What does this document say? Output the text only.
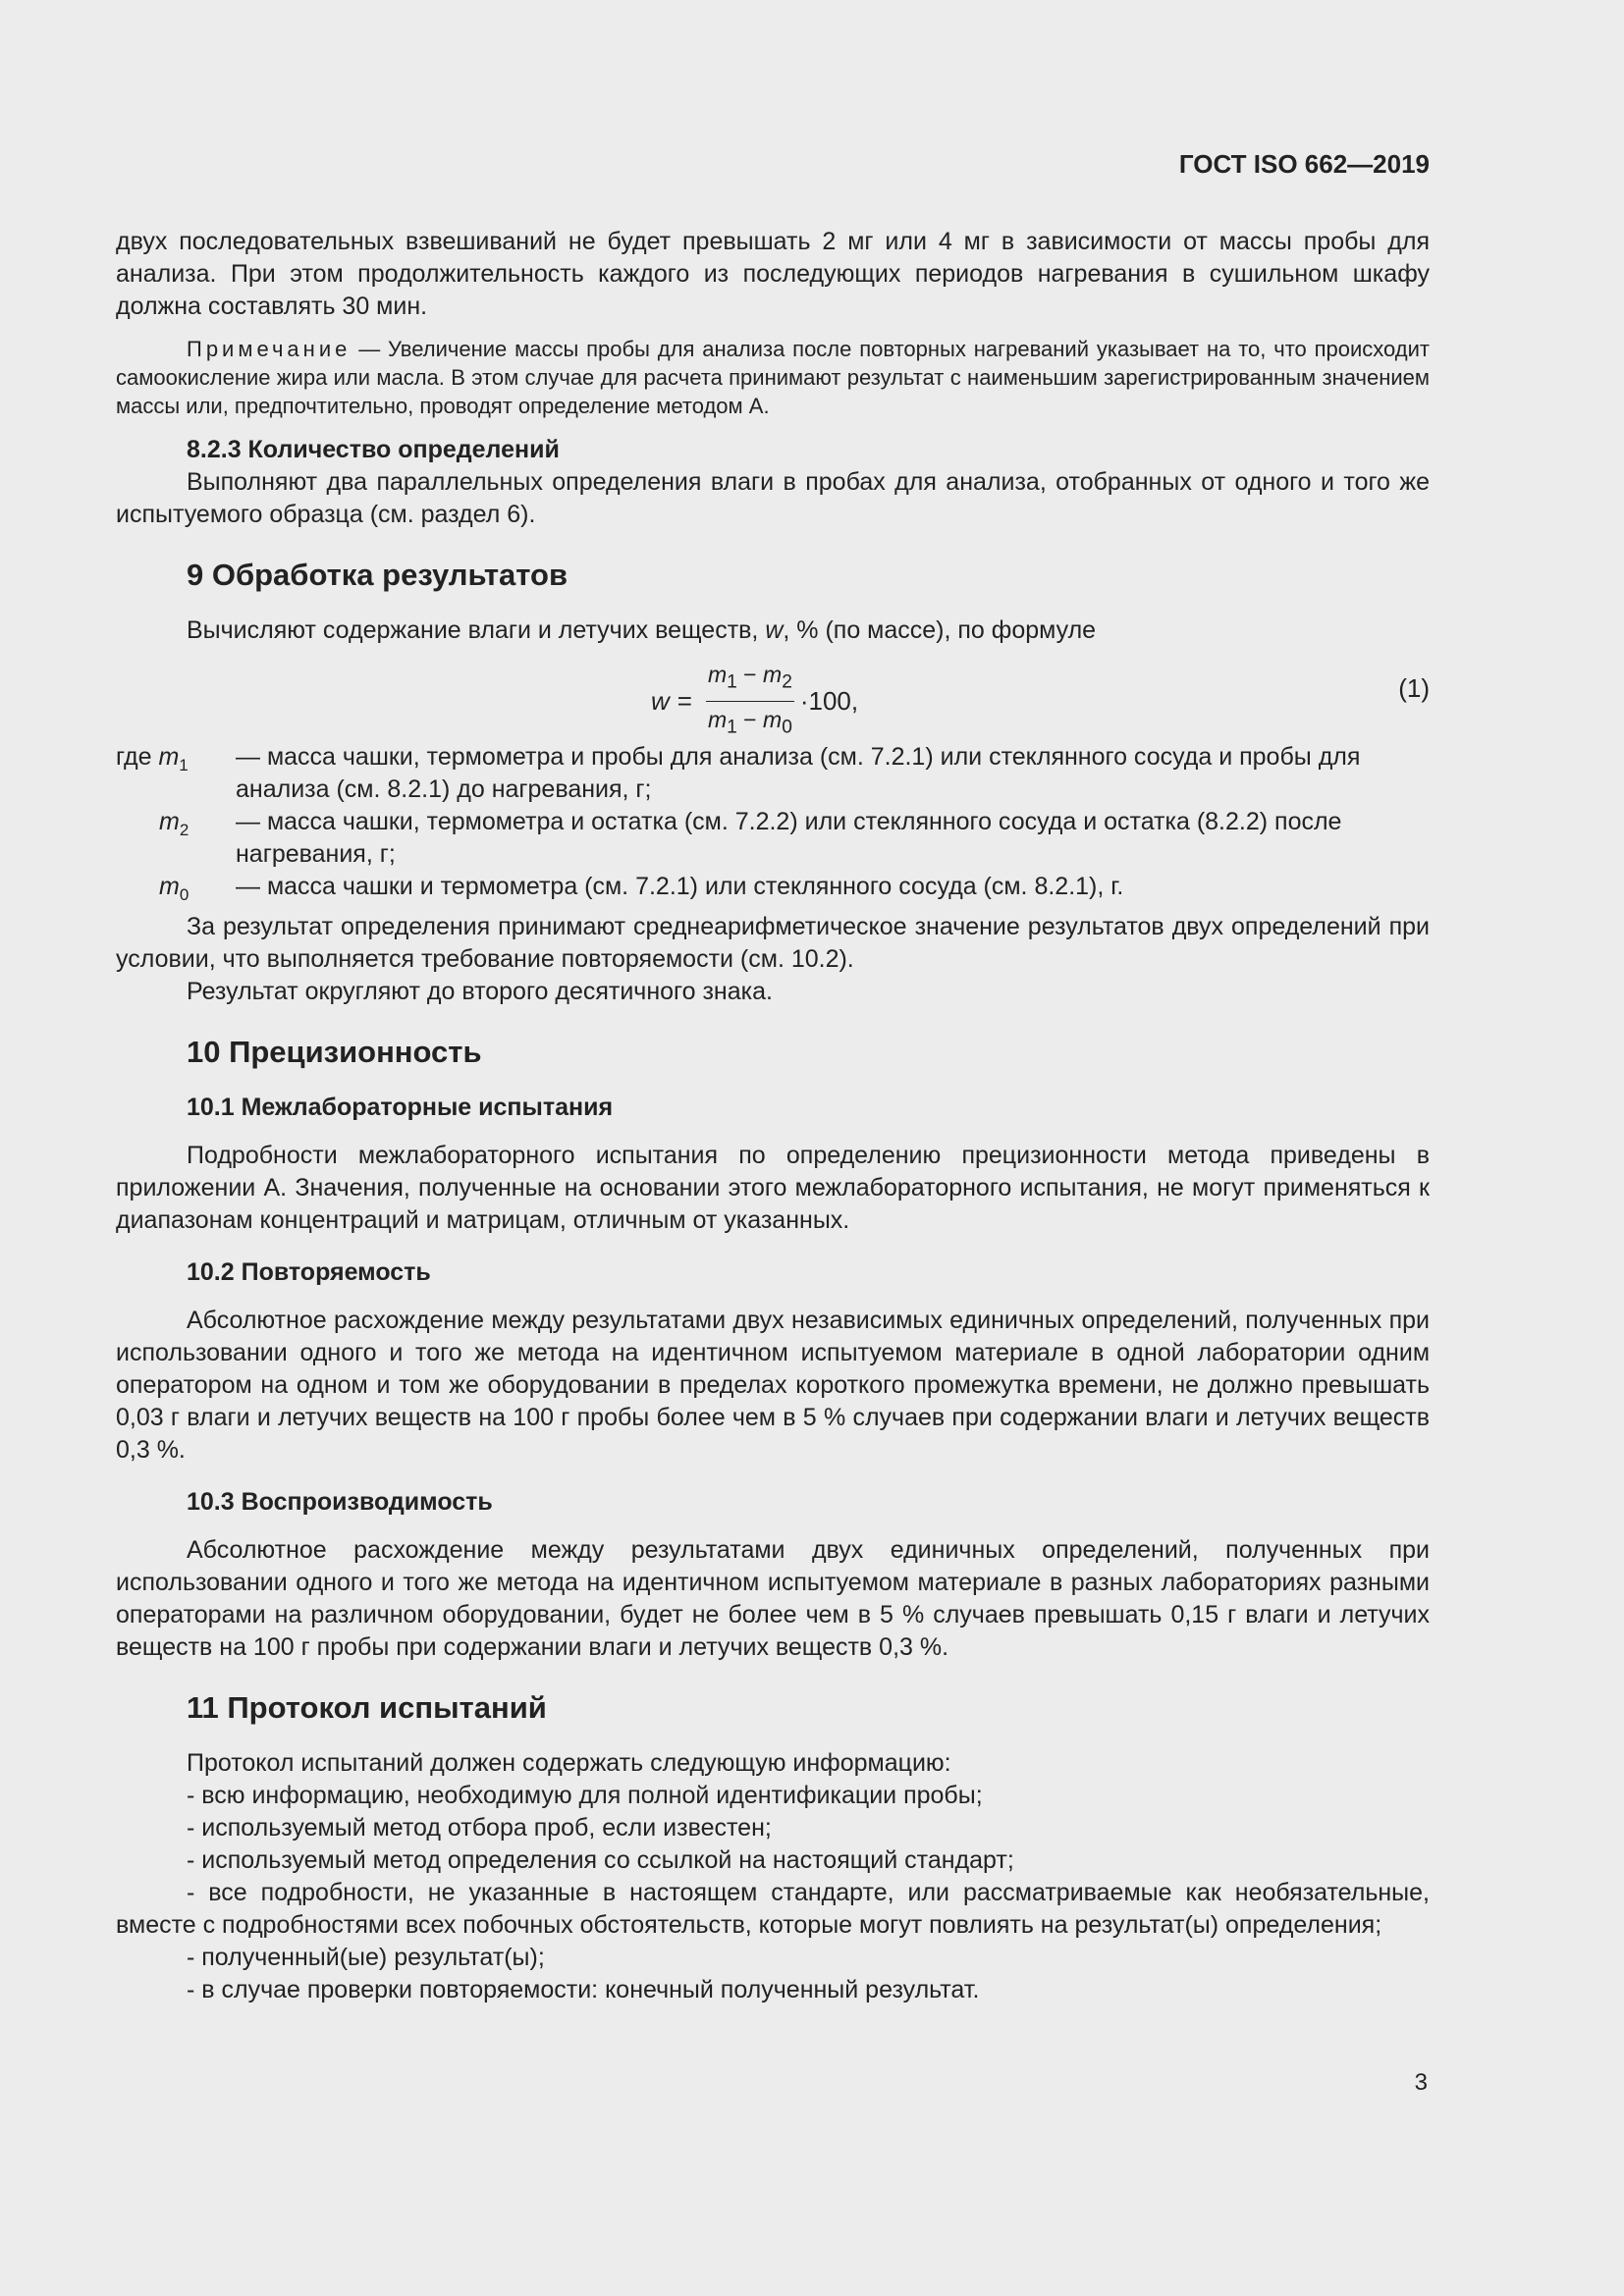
ГОСТ ISO 662—2019

двух последовательных взвешиваний не будет превышать 2 мг или 4 мг в зависимости от массы пробы для анализа. При этом продолжительность каждого из последующих периодов нагревания в сушильном шкафу должна составлять 30 мин.

Примечание — Увеличение массы пробы для анализа после повторных нагреваний указывает на то, что происходит самоокисление жира или масла. В этом случае для расчета принимают результат с наименьшим зарегистрированным значением массы или, предпочтительно, проводят определение методом А.

8.2.3 Количество определений

Выполняют два параллельных определения влаги в пробах для анализа, отобранных от одного и того же испытуемого образца (см. раздел 6).

9 Обработка результатов

Вычисляют содержание влаги и летучих веществ, w, % (по массе), по формуле

$w = \frac{m_1 - m_2}{m_1 - m_0} \cdot 100$,	(1)
где $m_1$	— масса чашки, термометра и пробы для анализа (см. 7.2.1) или стеклянного сосуда и пробы для анализа (см. 8.2.1) до нагревания, г;
$m_2$	— масса чашки, термометра и остатка (см. 7.2.2) или стеклянного сосуда и остатка (8.2.2) после нагревания, г;
$m_0$	— масса чашки и термометра (см. 7.2.1) или стеклянного сосуда (см. 8.2.1), г.

За результат определения принимают среднеарифметическое значение результатов двух определений при условии, что выполняется требование повторяемости (см. 10.2).

Результат округляют до второго десятичного знака.

10 Прецизионность
10.1 Межлабораторные испытания

Подробности межлабораторного испытания по определению прецизионности метода приведены в приложении А. Значения, полученные на основании этого межлабораторного испытания, не могут применяться к диапазонам концентраций и матрицам, отличным от указанных.

10.2 Повторяемость

Абсолютное расхождение между результатами двух независимых единичных определений, полученных при использовании одного и того же метода на идентичном испытуемом материале в одной лаборатории одним оператором на одном и том же оборудовании в пределах короткого промежутка времени, не должно превышать 0,03 г влаги и летучих веществ на 100 г пробы более чем в 5 % случаев при содержании влаги и летучих веществ 0,3 %.

10.3 Воспроизводимость

Абсолютное расхождение между результатами двух единичных определений, полученных при использовании одного и того же метода на идентичном испытуемом материале в разных лабораториях разными операторами на различном оборудовании, будет не более чем в 5 % случаев превышать 0,15 г влаги и летучих веществ на 100 г пробы при содержании влаги и летучих веществ 0,3 %.

11 Протокол испытаний

Протокол испытаний должен содержать следующую информацию:

- всю информацию, необходимую для полной идентификации пробы;

- используемый метод отбора проб, если известен;

- используемый метод определения со ссылкой на настоящий стандарт;

- все подробности, не указанные в настоящем стандарте, или рассматриваемые как необязательные, вместе с подробностями всех побочных обстоятельств, которые могут повлиять на результат(ы) определения;

- полученный(ые) результат(ы);

- в случае проверки повторяемости: конечный полученный результат.

3
